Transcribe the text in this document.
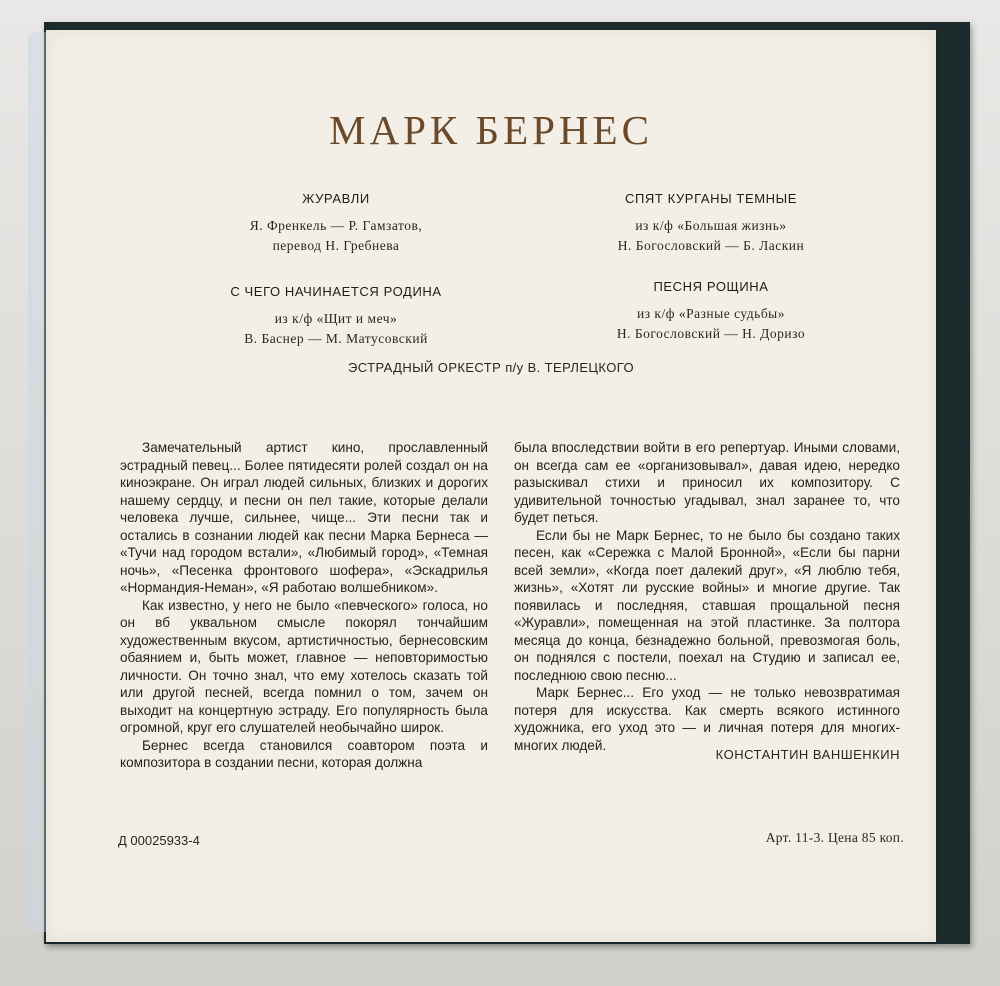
МАРК БЕРНЕС
ЖУРАВЛИ
Я. Френкель — Р. Гамзатов,
перевод Н. Гребнева
С ЧЕГО НАЧИНАЕТСЯ РОДИНА
из к/ф «Щит и меч»
В. Баснер — М. Матусовский
СПЯТ КУРГАНЫ ТЕМНЫЕ
из к/ф «Большая жизнь»
Н. Богословский — Б. Ласкин
ПЕСНЯ РОЩИНА
из к/ф «Разные судьбы»
Н. Богословский — Н. Доризо
ЭСТРАДНЫЙ ОРКЕСТР п/у В. ТЕРЛЕЦКОГО

Замечательный артист кино, прославленный эстрадный певец... Более пятидесяти ролей создал он на киноэкране. Он играл людей сильных, близких и дорогих нашему сердцу, и песни он пел такие, которые делали человека лучше, сильнее, чище... Эти песни так и остались в сознании людей как песни Марка Бернеса — «Тучи над городом встали», «Любимый город», «Темная ночь», «Песенка фронтового шофера», «Эскадрилья «Нормандия-Неман», «Я работаю волшебником».

Как известно, у него не было «певческого» голоса, но он вб уквальном смысле покорял тончайшим художественным вкусом, артистичностью, бернесовским обаянием и, быть может, главное — неповторимостью личности. Он точно знал, что ему хотелось сказать той или другой песней, всегда помнил о том, зачем он выходит на концертную эстраду. Его популярность была огромной, круг его слушателей необычайно широк.

Бернес всегда становился соавтором поэта и композитора в создании песни, которая должна

была впоследствии войти в его репертуар. Иными словами, он всегда сам ее «организовывал», давая идею, нередко разыскивал стихи и приносил их композитору. С удивительной точностью угадывал, знал заранее то, что будет петься.

Если бы не Марк Бернес, то не было бы создано таких песен, как «Сережка с Малой Бронной», «Если бы парни всей земли», «Когда поет далекий друг», «Я люблю тебя, жизнь», «Хотят ли русские войны» и многие другие. Так появилась и последняя, ставшая прощальной песня «Журавли», помещенная на этой пластинке. За полтора месяца до конца, безнадежно больной, превозмогая боль, он поднялся с постели, поехал на Студию и записал ее, последнюю свою песню...

Марк Бернес... Его уход — не только невозвратимая потеря для искусства. Как смерть всякого истинного художника, его уход это — и личная потеря для многих-многих людей.

КОНСТАНТИН ВАНШЕНКИН
Д 00025933-4	Арт. 11-3. Цена 85 коп.
